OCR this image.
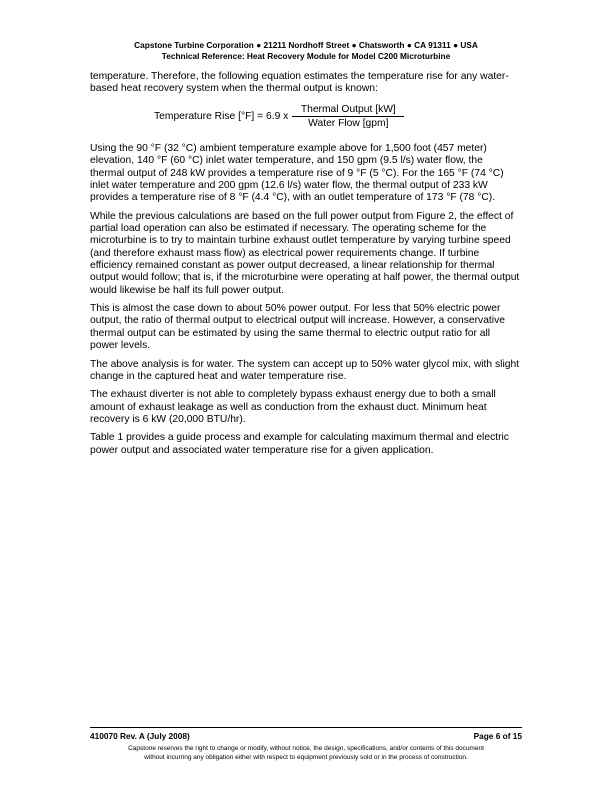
Capstone Turbine Corporation ● 21211 Nordhoff Street ● Chatsworth ● CA 91311 ● USA
Technical Reference: Heat Recovery Module for Model C200 Microturbine

temperature. Therefore, the following equation estimates the temperature rise for any water-based heat recovery system when the thermal output is known:

Temperature Rise [°F] = 6.9 x $\frac{\text{Thermal Output [kW]}}{\text{Water Flow [gpm]}}$

Using the 90 °F (32 °C) ambient temperature example above for 1,500 foot (457 meter) elevation, 140 °F (60 °C) inlet water temperature, and 150 gpm (9.5 l/s) water flow, the thermal output of 248 kW provides a temperature rise of 9 °F (5 °C). For the 165 °F (74 °C) inlet water temperature and 200 gpm (12.6 l/s) water flow, the thermal output of 233 kW provides a temperature rise of 8 °F (4.4 °C), with an outlet temperature of 173 °F (78 °C).

While the previous calculations are based on the full power output from Figure 2, the effect of partial load operation can also be estimated if necessary. The operating scheme for the microturbine is to try to maintain turbine exhaust outlet temperature by varying turbine speed (and therefore exhaust mass flow) as electrical power requirements change. If turbine efficiency remained constant as power output decreased, a linear relationship for thermal output would follow; that is, if the microturbine were operating at half power, the thermal output would likewise be half its full power output.

This is almost the case down to about 50% power output. For less that 50% electric power output, the ratio of thermal output to electrical output will increase. However, a conservative thermal output can be estimated by using the same thermal to electric output ratio for all power levels.

The above analysis is for water. The system can accept up to 50% water glycol mix, with slight change in the captured heat and water temperature rise.

The exhaust diverter is not able to completely bypass exhaust energy due to both a small amount of exhaust leakage as well as conduction from the exhaust duct. Minimum heat recovery is 6 kW (20,000 BTU/hr).

Table 1 provides a guide process and example for calculating maximum thermal and electric power output and associated water temperature rise for a given application.

410070 Rev. A (July 2008)	Page 6 of 15
Capstone reserves the right to change or modify, without notice, the design, specifications, and/or contents of this document
without incurring any obligation either with respect to equipment previously sold or in the process of construction.
